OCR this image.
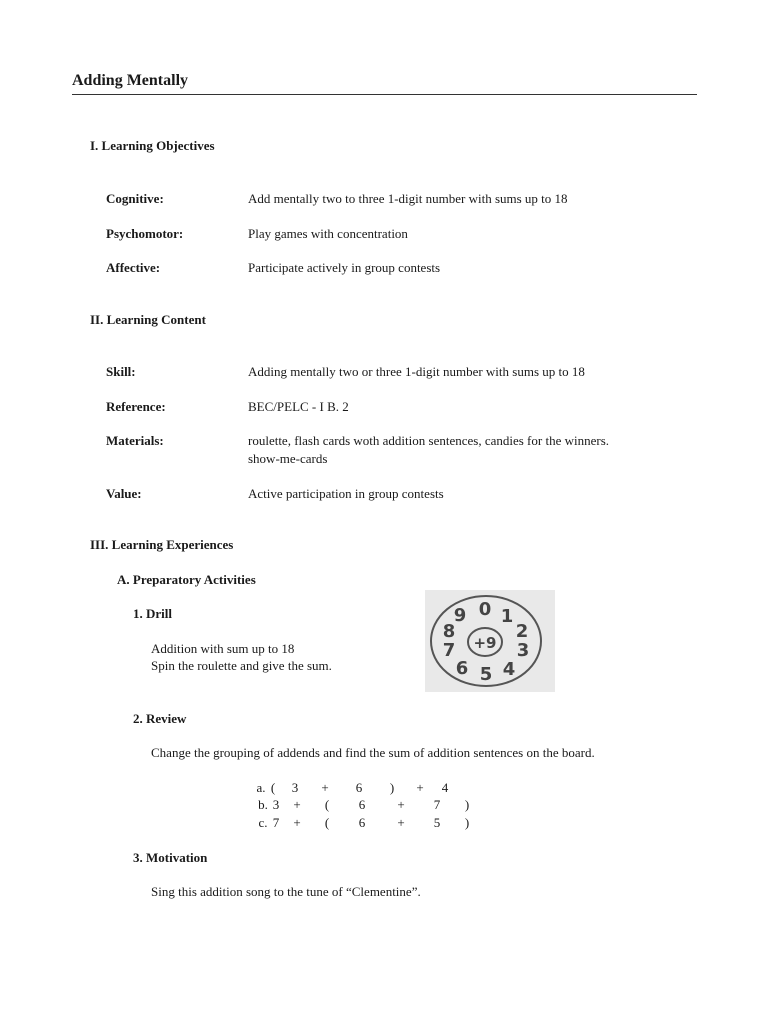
Adding Mentally
I. Learning Objectives
Cognitive:	Add mentally two to three 1-digit number with sums up to 18
Psychomotor:	Play games with concentration
Affective:	Participate actively in group contests
II. Learning Content
Skill:	Adding mentally two or three 1-digit number with sums up to 18
Reference:	BEC/PELC - I B. 2
Materials:	roulette, flash cards woth addition sentences, candies for the winners.
show-me-cards
Value:	Active participation in group contests
III. Learning Experiences
A. Preparatory Activities
1. Drill
Addition with sum up to 18
Spin the roulette and give the sum.
+9
0 1
2
3
4
5
6
7
8
9
2. Review
Change the grouping of addends and find the sum of addition sentences on the board.
a. ( 3 + 6 ) + 4
b. 3 + ( 6 + 7 )
c. 7 + ( 6 + 5 )
3. Motivation
Sing this addition song to the tune of “Clementine”.
